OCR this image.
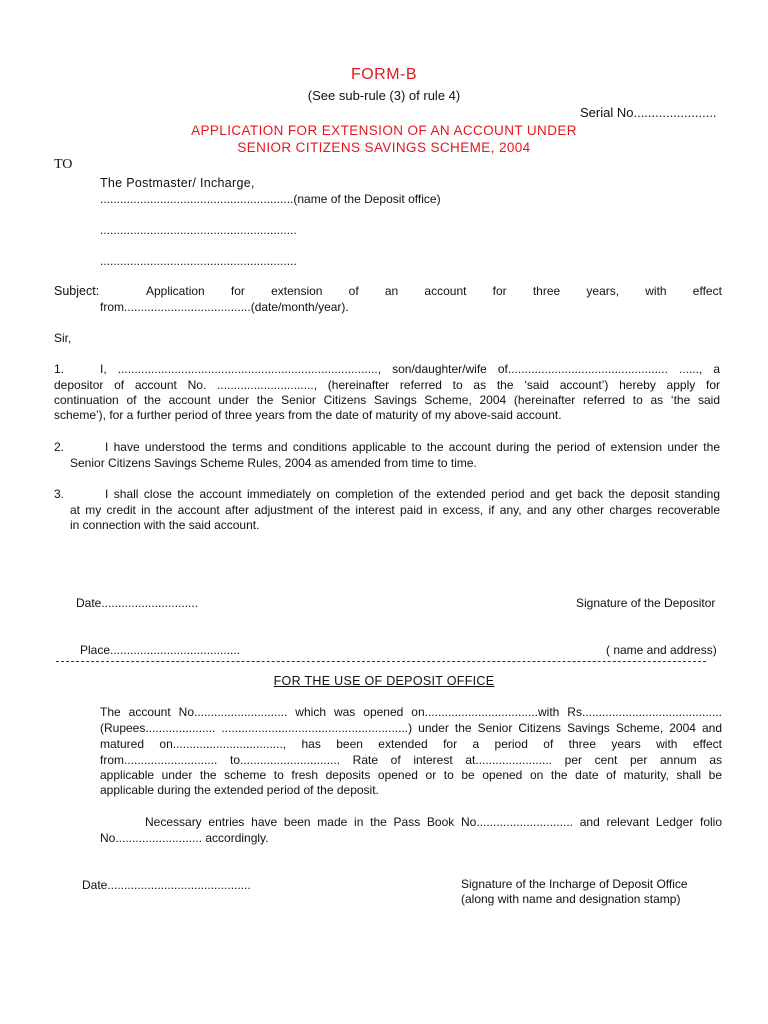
FORM-B
(See sub-rule (3) of rule 4)
Serial No.......................
APPLICATION FOR EXTENSION OF AN ACCOUNT UNDER
SENIOR CITIZENS SAVINGS SCHEME, 2004
TO
The Postmaster/ Incharge,
..........................................................(name of the Deposit office)
...........................................................
...........................................................
Subject:	Application for extension of an account for three years, with effect
from......................................(date/month/year).
Sir,
1.	I, .............................................................................., son/daughter/wife of................................................ ......, a
depositor of account No. ............................., (hereinafter referred to as the ‘said account’) hereby apply for
continuation of the account under the Senior Citizens Savings Scheme, 2004 (hereinafter referred to as ‘the said
scheme’), for a further period of three years from the date of maturity of my above-said account.
2.	I have understood the terms and conditions applicable to the account during the period of extension under the
Senior Citizens Savings Scheme Rules, 2004 as amended from time to time.
3.	I shall close the account immediately on completion of the extended period and get back the deposit standing
at my credit in the account after adjustment of the interest paid in excess, if any, and any other charges recoverable
in connection with the said account.
Date.............................	Signature of the Depositor
Place.......................................	( name and address)
FOR THE USE OF DEPOSIT OFFICE
The account No............................ which was opened on..................................with Rs..........................................
(Rupees..................... ........................................................) under the Senior Citizens Savings Scheme, 2004 and
matured on................................., has been extended for a period of three years with effect
from............................ to.............................. Rate of interest at....................... per cent per annum as
applicable under the scheme to fresh deposits opened or to be opened on the date of maturity, shall be
applicable during the extended period of the deposit.
Necessary entries have been made in the Pass Book No............................. and relevant Ledger folio
No.......................... accordingly.
Date...........................................	Signature of the Incharge of Deposit Office
(along with name and designation stamp)
